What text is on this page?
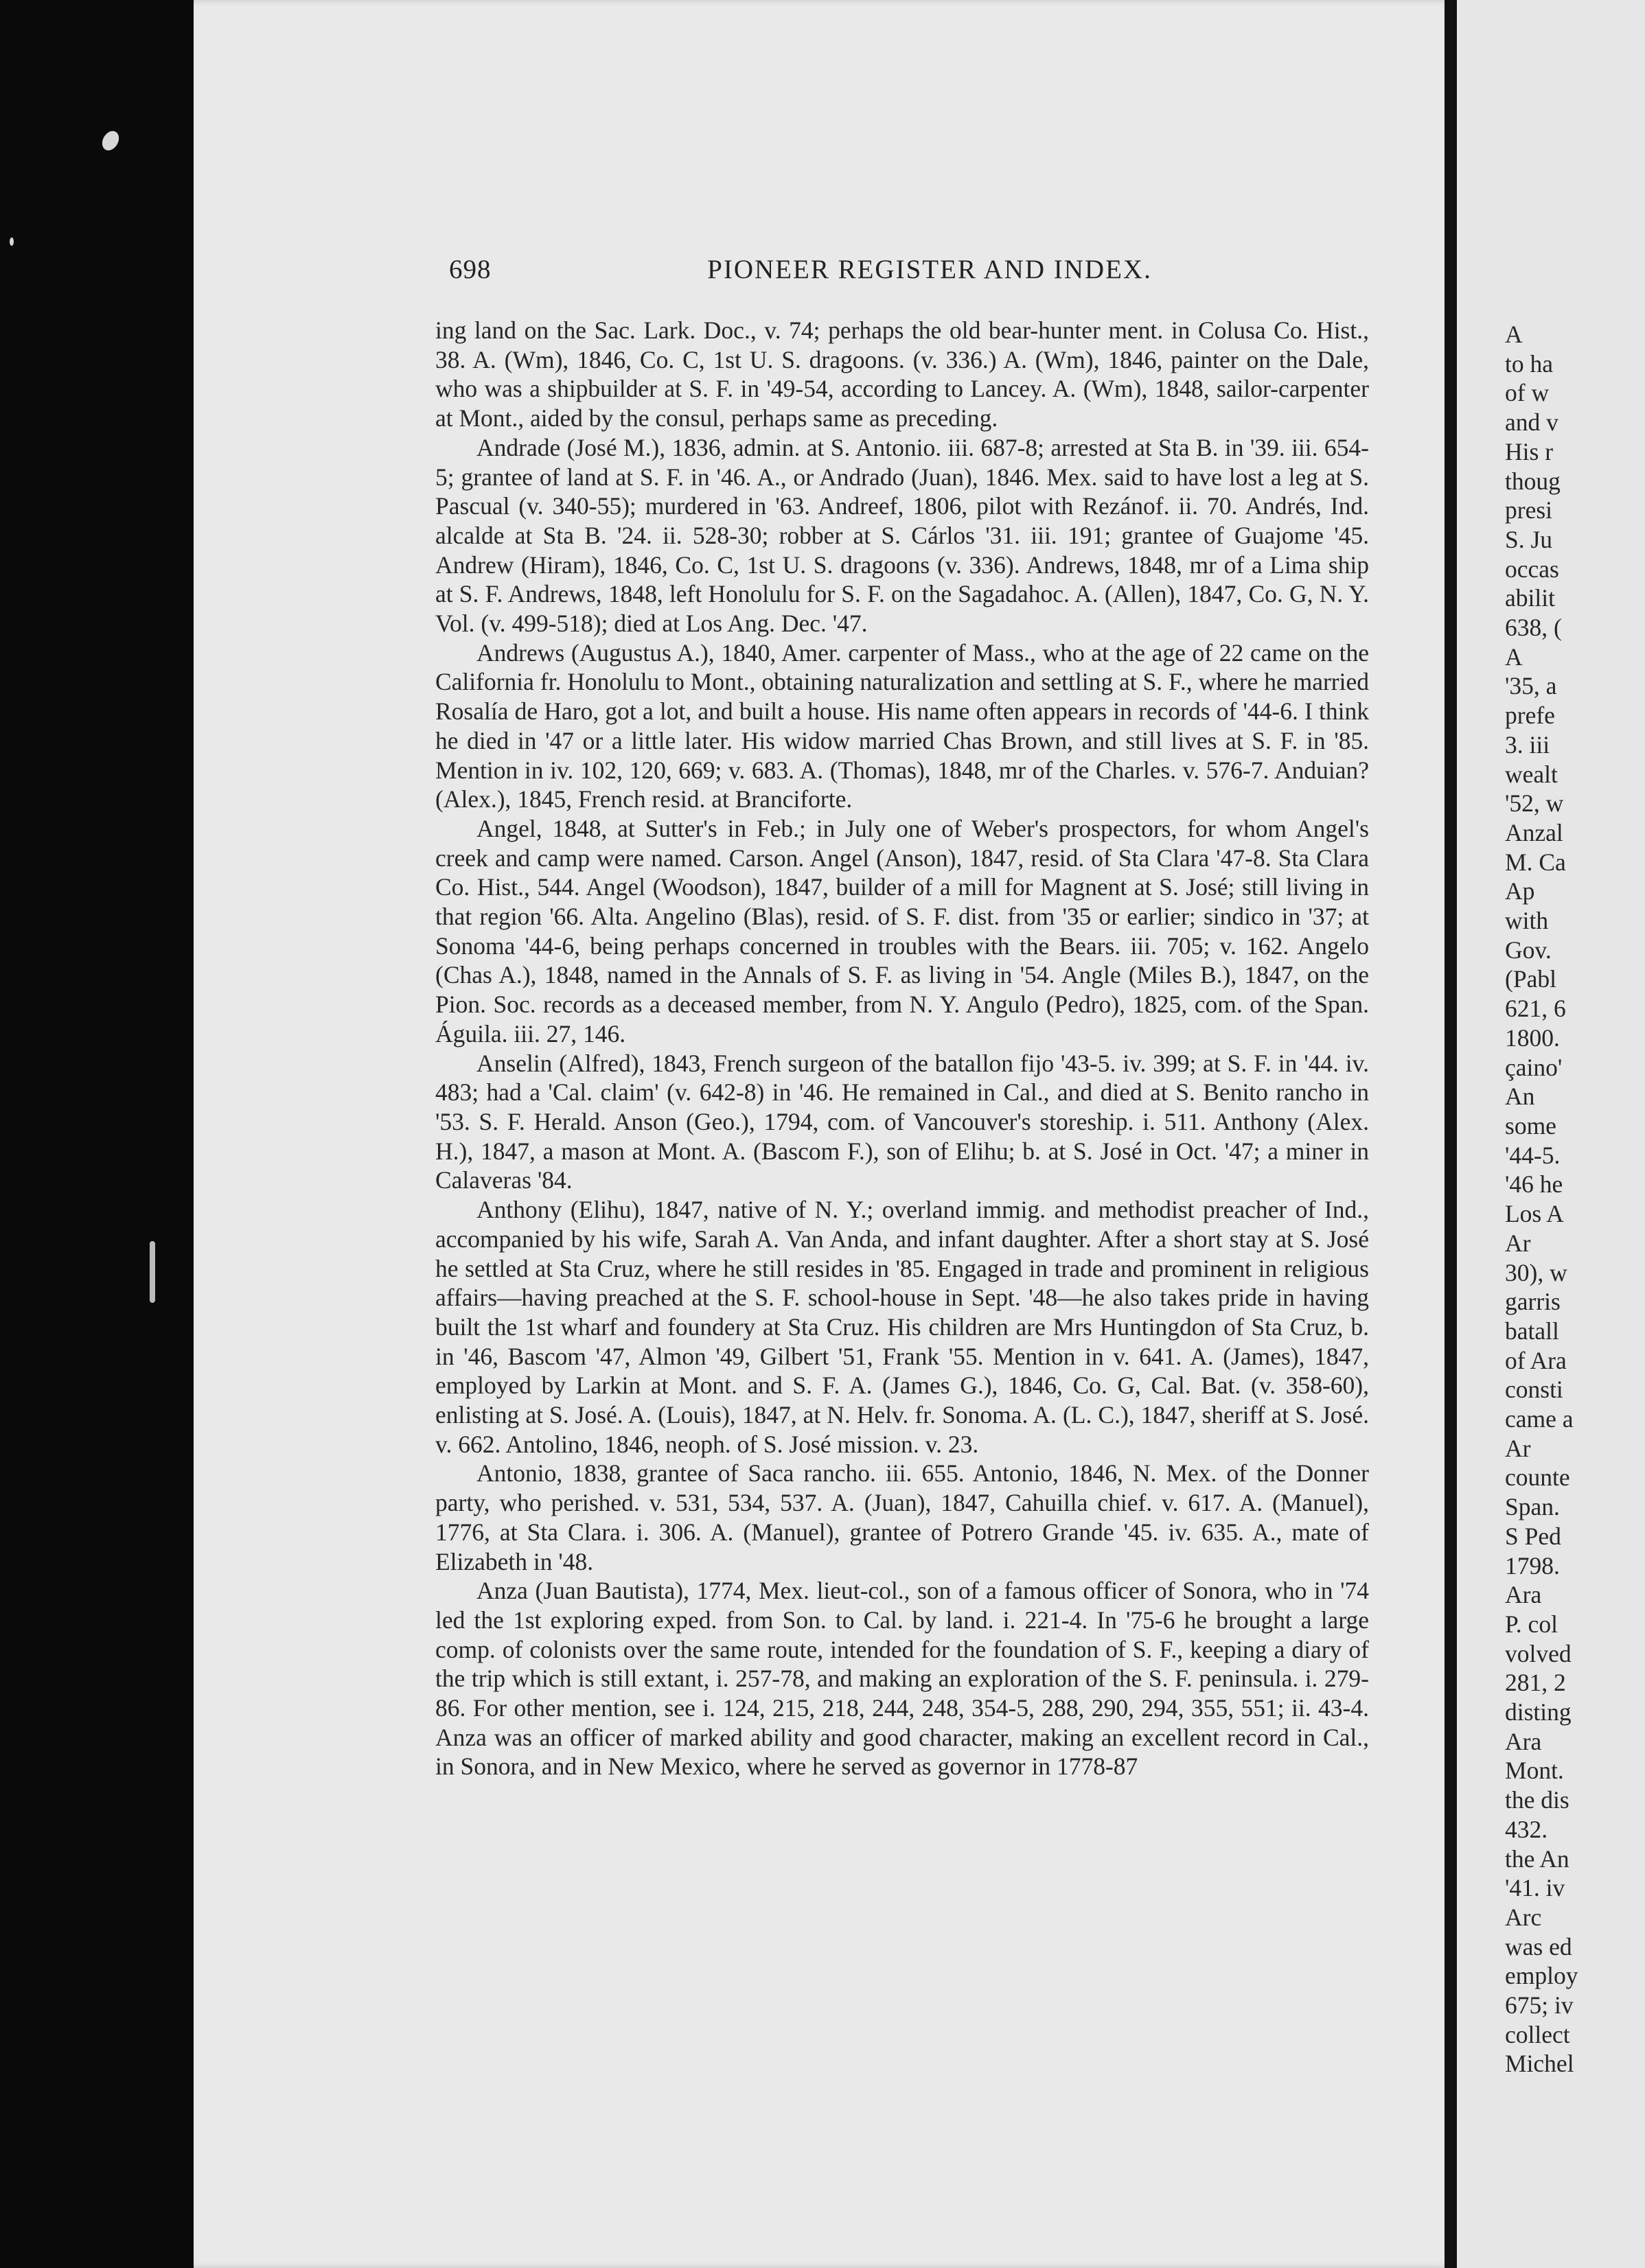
698	PIONEER REGISTER AND INDEX.

ing land on the Sac. Lark. Doc., v. 74; perhaps the old bear-hunter ment. in Colusa Co. Hist., 38. A. (Wm), 1846, Co. C, 1st U. S. dragoons. (v. 336.) A. (Wm), 1846, painter on the Dale, who was a shipbuilder at S. F. in '49-54, according to Lancey. A. (Wm), 1848, sailor-carpenter at Mont., aided by the consul, perhaps same as preceding.

Andrade (José M.), 1836, admin. at S. Antonio. iii. 687-8; arrested at Sta B. in '39. iii. 654-5; grantee of land at S. F. in '46. A., or Andrado (Juan), 1846. Mex. said to have lost a leg at S. Pascual (v. 340-55); murdered in '63. Andreef, 1806, pilot with Rezánof. ii. 70. Andrés, Ind. alcalde at Sta B. '24. ii. 528-30; robber at S. Cárlos '31. iii. 191; grantee of Guajome '45. Andrew (Hiram), 1846, Co. C, 1st U. S. dragoons (v. 336). Andrews, 1848, mr of a Lima ship at S. F. Andrews, 1848, left Honolulu for S. F. on the Sagadahoc. A. (Allen), 1847, Co. G, N. Y. Vol. (v. 499-518); died at Los Ang. Dec. '47.

Andrews (Augustus A.), 1840, Amer. carpenter of Mass., who at the age of 22 came on the California fr. Honolulu to Mont., obtaining naturalization and settling at S. F., where he married Rosalía de Haro, got a lot, and built a house. His name often appears in records of '44-6. I think he died in '47 or a little later. His widow married Chas Brown, and still lives at S. F. in '85. Mention in iv. 102, 120, 669; v. 683. A. (Thomas), 1848, mr of the Charles. v. 576-7. Anduian? (Alex.), 1845, French resid. at Branciforte.

Angel, 1848, at Sutter's in Feb.; in July one of Weber's prospectors, for whom Angel's creek and camp were named. Carson. Angel (Anson), 1847, resid. of Sta Clara '47-8. Sta Clara Co. Hist., 544. Angel (Woodson), 1847, builder of a mill for Magnent at S. José; still living in that region '66. Alta. Angelino (Blas), resid. of S. F. dist. from '35 or earlier; sindico in '37; at Sonoma '44-6, being perhaps concerned in troubles with the Bears. iii. 705; v. 162. Angelo (Chas A.), 1848, named in the Annals of S. F. as living in '54. Angle (Miles B.), 1847, on the Pion. Soc. records as a deceased member, from N. Y. Angulo (Pedro), 1825, com. of the Span. Águila. iii. 27, 146.

Anselin (Alfred), 1843, French surgeon of the batallon fijo '43-5. iv. 399; at S. F. in '44. iv. 483; had a 'Cal. claim' (v. 642-8) in '46. He remained in Cal., and died at S. Benito rancho in '53. S. F. Herald. Anson (Geo.), 1794, com. of Vancouver's storeship. i. 511. Anthony (Alex. H.), 1847, a mason at Mont. A. (Bascom F.), son of Elihu; b. at S. José in Oct. '47; a miner in Calaveras '84.

Anthony (Elihu), 1847, native of N. Y.; overland immig. and methodist preacher of Ind., accompanied by his wife, Sarah A. Van Anda, and infant daughter. After a short stay at S. José he settled at Sta Cruz, where he still resides in '85. Engaged in trade and prominent in religious affairs—having preached at the S. F. school-house in Sept. '48—he also takes pride in having built the 1st wharf and foundery at Sta Cruz. His children are Mrs Huntingdon of Sta Cruz, b. in '46, Bascom '47, Almon '49, Gilbert '51, Frank '55. Mention in v. 641. A. (James), 1847, employed by Larkin at Mont. and S. F. A. (James G.), 1846, Co. G, Cal. Bat. (v. 358-60), enlisting at S. José. A. (Louis), 1847, at N. Helv. fr. Sonoma. A. (L. C.), 1847, sheriff at S. José. v. 662. Antolino, 1846, neoph. of S. José mission. v. 23.

Antonio, 1838, grantee of Saca rancho. iii. 655. Antonio, 1846, N. Mex. of the Donner party, who perished. v. 531, 534, 537. A. (Juan), 1847, Cahuilla chief. v. 617. A. (Manuel), 1776, at Sta Clara. i. 306. A. (Manuel), grantee of Potrero Grande '45. iv. 635. A., mate of Elizabeth in '48.

Anza (Juan Bautista), 1774, Mex. lieut-col., son of a famous officer of Sonora, who in '74 led the 1st exploring exped. from Son. to Cal. by land. i. 221-4. In '75-6 he brought a large comp. of colonists over the same route, intended for the foundation of S. F., keeping a diary of the trip which is still extant, i. 257-78, and making an exploration of the S. F. peninsula. i. 279-86. For other mention, see i. 124, 215, 218, 244, 248, 354-5, 288, 290, 294, 355, 551; ii. 43-4. Anza was an officer of marked ability and good character, making an excellent record in Cal., in Sonora, and in New Mexico, where he served as governor in 1778-87

A
to ha
of w
and v
His r
thoug
presi
S. Ju
occas
abilit
638, (
A
'35, a
prefe
3. iii
wealt
'52, w
Anzal
M. Ca
Ap
with
Gov.
(Pabl
621, 6
1800.
çaino'
An
some
'44-5.
'46 he
Los A
Ar
30), w
garris
batall
of Ara
consti
came a
Ar
counte
Span.
S Ped
1798.
Ara
P. col
volved
281, 2
disting
Ara
Mont.
the dis
432.
the An
'41. iv
Arc
was ed
employ
675; iv
collect
Michel
